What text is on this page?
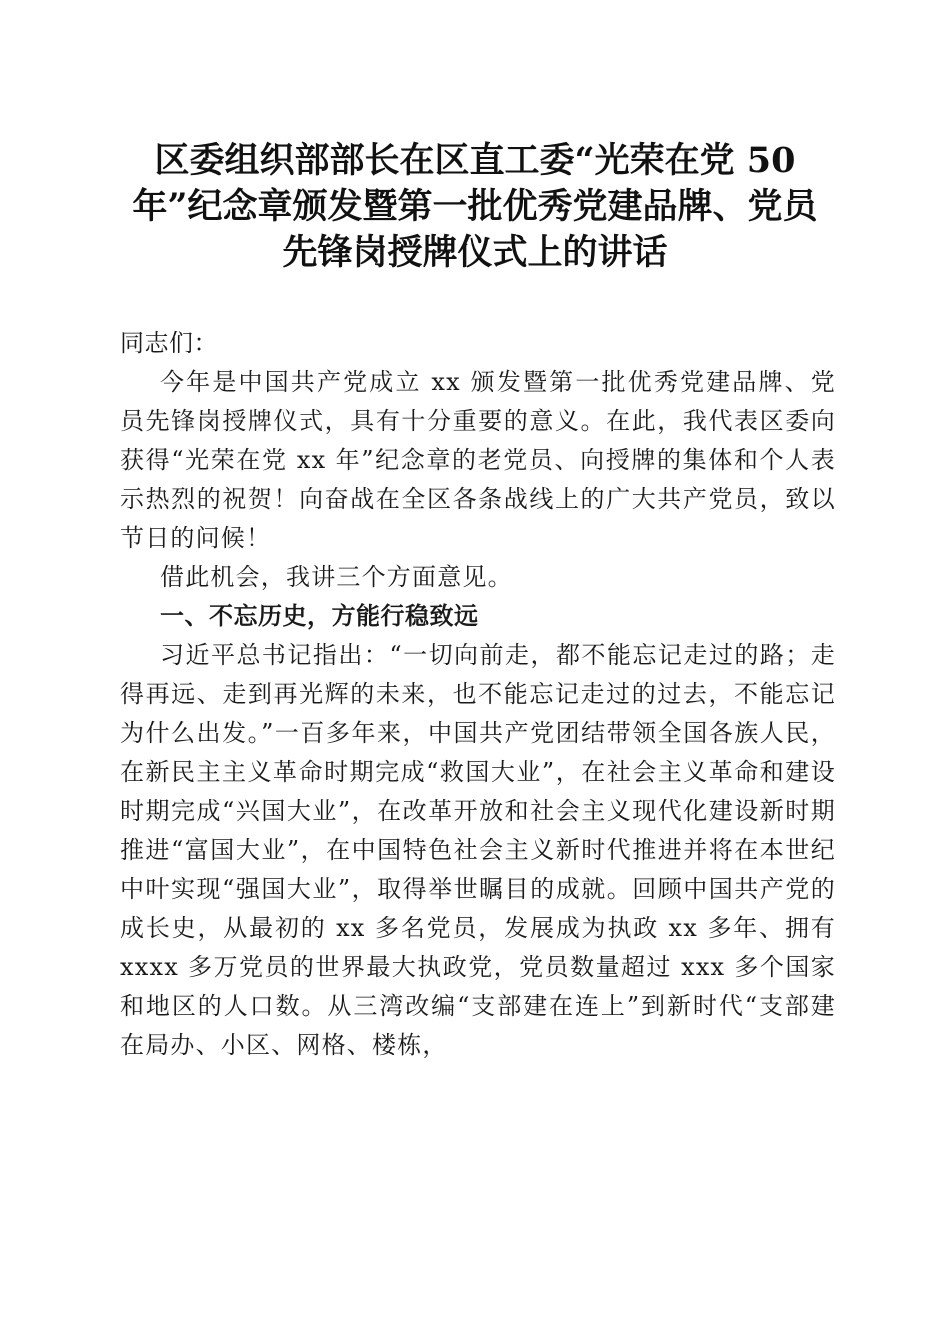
区委组织部部长在区直工委“光荣在党 50
年”纪念章颁发暨第一批优秀党建品牌、党员
先锋岗授牌仪式上的讲话

同志们：

今年是中国共产党成立 xx 颁发暨第一批优秀党建品牌、党员先锋岗授牌仪式，具有十分重要的意义。在此，我代表区委向获得“光荣在党 xx 年”纪念章的老党员、向授牌的集体和个人表示热烈的祝贺！向奋战在全区各条战线上的广大共产党员，致以节日的问候！

借此机会，我讲三个方面意见。

一、不忘历史，方能行稳致远

习近平总书记指出：“一切向前走，都不能忘记走过的路；走得再远、走到再光辉的未来，也不能忘记走过的过去，不能忘记为什么出发。”一百多年来，中国共产党团结带领全国各族人民，在新民主主义革命时期完成“救国大业”，在社会主义革命和建设时期完成“兴国大业”，在改革开放和社会主义现代化建设新时期推进“富国大业”，在中国特色社会主义新时代推进并将在本世纪中叶实现“强国大业”，取得举世瞩目的成就。回顾中国共产党的成长史，从最初的 xx 多名党员，发展成为执政 xx 多年、拥有 xxxx 多万党员的世界最大执政党，党员数量超过 xxx 多个国家和地区的人口数。从三湾改编“支部建在连上”到新时代“支部建在局办、小区、网格、楼栋，
